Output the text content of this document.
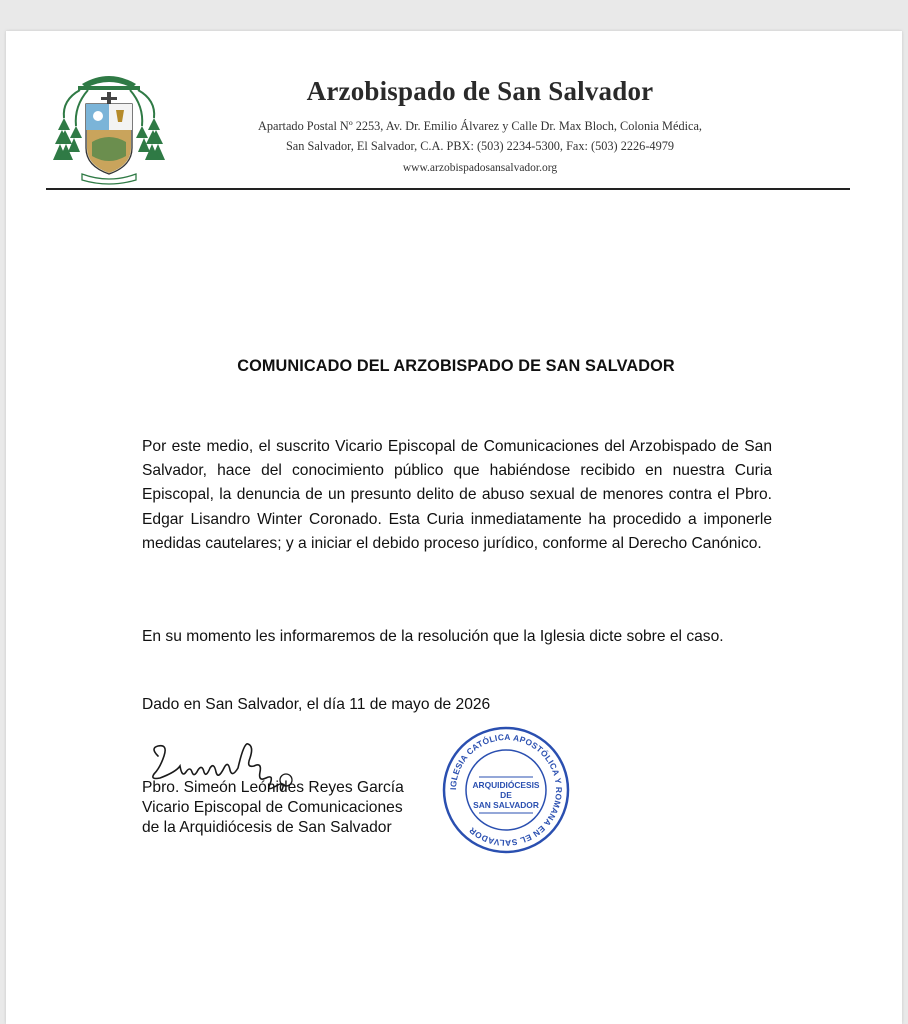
Arzobispado de San Salvador
Apartado Postal Nº 2253, Av. Dr. Emilio Álvarez y Calle Dr. Max Bloch, Colonia Médica,
San Salvador, El Salvador, C.A. PBX: (503) 2234-5300, Fax: (503) 2226-4979
www.arzobispadosansalvador.org
COMUNICADO DEL ARZOBISPADO DE SAN SALVADOR

Por este medio, el suscrito Vicario Episcopal de Comunicaciones del Arzobispado de San Salvador, hace del conocimiento público que habiéndose recibido en nuestra Curia Episcopal, la denuncia de un presunto delito de abuso sexual de menores contra el Pbro. Edgar Lisandro Winter Coronado. Esta Curia inmediatamente ha procedido a imponerle medidas cautelares; y a iniciar el debido proceso jurídico, conforme al Derecho Canónico.

En su momento les informaremos de la resolución que la Iglesia dicte sobre el caso.

Dado en San Salvador, el día 11 de mayo de 2026

Pbro. Simeón Leónides Reyes García
Vicario Episcopal de Comunicaciones
de la Arquidiócesis de San Salvador
IGLESIA CATÓLICA APOSTÓLICA Y ROMANA EN EL SALVADOR
ARQUIDIÓCESIS
DE
SAN SALVADOR
